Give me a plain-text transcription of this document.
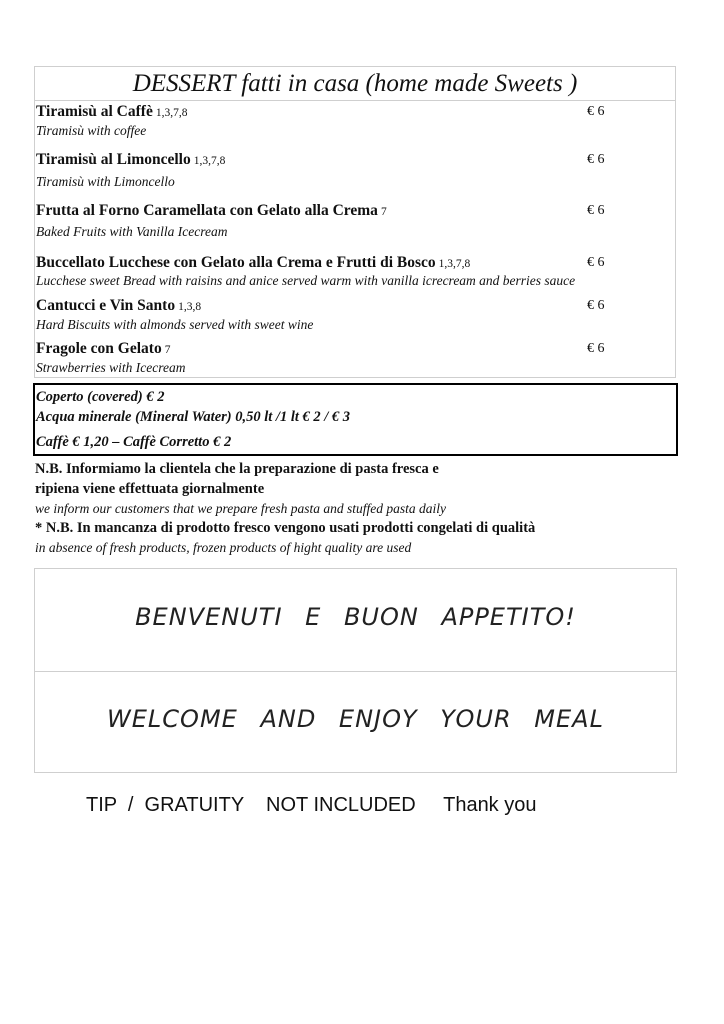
DESSERT fatti in casa (home made Sweets )
Tiramisù al Caffè 1,3,7,8	€ 6
Tiramisù with coffee
Tiramisù al Limoncello 1,3,7,8	€ 6
Tiramisù with Limoncello
Frutta al Forno Caramellata con Gelato alla Crema 7	€ 6
Baked Fruits with Vanilla Icecream
Buccellato Lucchese con Gelato alla Crema e Frutti di Bosco 1,3,7,8	€ 6
Lucchese sweet Bread with raisins and anice served warm with vanilla icrecream and berries sauce
Cantucci e Vin Santo 1,3,8	€ 6
Hard Biscuits with almonds served with sweet wine
Fragole con Gelato 7	€ 6
Strawberries with Icecream
Coperto (covered) € 2
Acqua minerale (Mineral Water) 0,50 lt /1 lt € 2 / € 3
Caffè € 1,20 – Caffè Corretto € 2
N.B. Informiamo la clientela che la preparazione di pasta fresca e
ripiena viene effettuata giornalmente
we inform our customers that we prepare fresh pasta and stuffed pasta daily
* N.B. In mancanza di prodotto fresco vengono usati prodotti congelati di qualità
in absence of fresh products, frozen products of hight quality are used
BENVENUTI E BUON APPETITO!
WELCOME AND ENJOY YOUR MEAL
TIP  /  GRATUITY    NOT INCLUDED     Thank you
